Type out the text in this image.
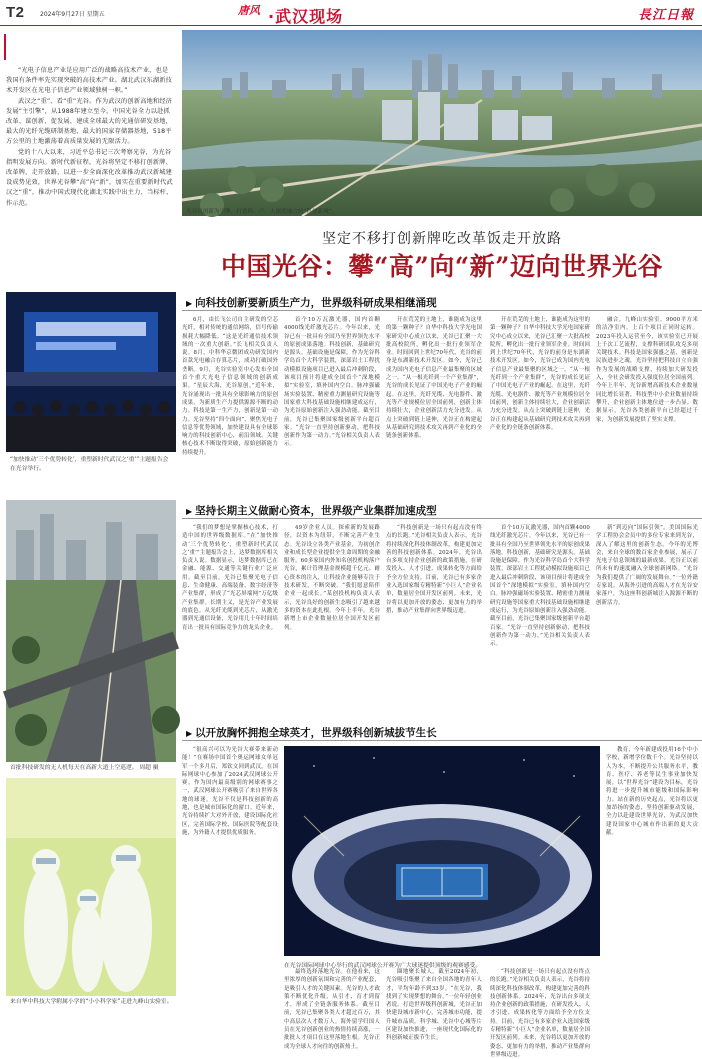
T2	2024年9月27日 星期五	唐风 ·武汉现场	長江日報

“光电子信息产业是应用广泛的战略高技术产业，也是我国有条件率先实现突破的高技术产业。湖北武汉东湖新技术开发区在光电子信息产业领域独树一帜。”

武汉之“重”、看“重”光谷。作为武汉的创新高地和经济发展“主引擎”，从1988年建立至今，中国光谷全力以赴抓改革、谋创新、促发展，建成全球最大的光通信研发基地，最大的光纤光缆研制基地，最大的国家存储器基地，518平方公里的土地激荡着高质量发展的无限活力。

党的十八大以来，习近平总书记三次考察光谷，为光谷指明发展方向。新时代新征程，光谷将坚定不移打创新牌、改革牌、走开放路，以进一步全面深化改革推动武汉新城建设成势见效，世界光谷攀“高”向“新”，加实在重要新时代武汉之“重”，推动中国式现代化湖北实践中出主力、当标杆、作示范。

光谷以创新为引擎，打造科、产、人深度融合的“科创新城”。
坚定不移打创新牌吃改革饭走开放路
中国光谷：攀“高”向“新”迈向世界光谷
▶ 向科技创新要新质生产力，世界级科研成果相继涌现
“加快推动‘三个优势转化’，重塑新时代武汉之‘重’”主题报告会在光谷举行。

6月，由长飞公司自主研发的空芯光纤，相对传统的通信网络，信号传输损耗大幅降低。“这是光纤通信技术领域的一次重大创新。”长飞相关负责人说。8月，中科华京微团成功研发国内首款光电融合存算芯片，成功打破国外垄断。9月，光谷实验室中心发布全国首个重大光电子信息领域的创新成果。“星辰大海，光谷原创。”近年来，光谷涌现出一批具有全球影响力的原创成果，为新质生产力提供源源不断的动力。科技是第一生产力，创新是第一动力。光谷坚持“四个面向”，聚焦光电子信息等优势领域，加快建设具有全球影响力的科技创新中心，前沿领域、关键核心技术不断取得突破，原始创新能力持续提升。

首个10万瓦激光器，国内首颗4000线光纤激光芯片。今年以来，光谷已有一批具有全国乃至世界领先水平的原创成果落地。科技创新，基础研究是源头。基础设施是保障。作为光谷科学岛首个大科学装置，深部岩土工程扰动模拟设施项目已进入最后冲刺阶段，该项目预计将建成全国首个“深地模拟”实验室，填补国内空白。脉冲强磁场实验装置、精密重力测量研究设施等国家重大科技基础设施相继建成运行，为光谷原始创新注入强劲动能。截至目前，光谷已集聚国家级创新平台超百家。“光谷一直坚持创新驱动，把科技创新作为第一动力。”光谷相关负责人表示。

开在荒芜的土地上，谁能成为这里的第一颗种子？自华中科技大学光电国家研究中心成立以来，光谷已汇聚一大批高校院所，孵化出一批行业领军企业。时间回到上世纪70年代，光谷的前身是东湖新技术开发区。如今，光谷已成为国内光电子信息产业最集聚的区域之一。“从一根光纤到一个产业集群”，光谷的成长见证了中国光电子产业的崛起。在这里，光纤光缆、光电器件、激光等产业规模位居全国前列，创新主体持续壮大，企业创新活力充分迸发。从点上突破到链上延伸，光谷正在构建起从基础研究到技术攻关再到产业化的全链条创新体系。

融合。九峰山实验室，9000平方米的洁净室内，上百个项目正同时运转。2023年投入运营至今，该实验室已开展上千次工艺流程，支撑科研团队攻克多项关键技术。科技是国家强盛之基，创新是民族进步之魂。光谷坚持把科技自立自强作为发展的战略支撑，持续加大研发投入，全社会研发投入强度位居全国前列。今年上半年，光谷新增高新技术企业数量同比增长显著，科技型中小企业数量持续攀升，企业创新主体地位进一步凸显。数据显示，光谷各类创新平台已经超过千家，为创新发展提供了坚实支撑。

开在荒芜的土地上，谁能成为这里的第一颗种子？自华中科技大学光电国家研究中心成立以来，光谷已汇聚一大批高校院所，孵化出一批行业领军企业。时间回到上世纪70年代，光谷的前身是东湖新技术开发区。如今，光谷已成为国内光电子信息产业最集聚的区域之一。“从一根光纤到一个产业集群”，光谷的成长见证了中国光电子产业的崛起。在这里，光纤光缆、光电器件、激光等产业规模位居全国前列，创新主体持续壮大，企业创新活力充分迸发。从点上突破到链上延伸，光谷正在构建起从基础研究到技术攻关再到产业化的全链条创新体系。

▶ 坚持长期主义做耐心资本，世界级产业集群加速成型
首批科技研发的无人机每天在高新大道上空巡逻。 周超 摄

“我们的梦想是掌握核心技术，打造中国的世界级数据库。”在“加快推动‘三个优势转化’，重塑新时代武汉之‘重’”主题报告会上，达梦数据库相关负责人说。数据显示，达梦数据库已在金融、能源、交通等关键行业广泛应用。截至目前，光谷已集聚光电子信息、生命健康、高端装备、数字经济等产业集群，形成了“光芯屏端网”万亿级产业集群。长期主义，是光谷产业发展的底色。从光纤光缆到光芯片，从激光器到光通信设备，光谷用几十年时间培育出一批具有国际竞争力的龙头企业。

49岁企业人员。探索新的发展路径，以资本为纽带，不断完善产业生态。光谷设立各类产业基金，为初创企业和成长型企业提供全生命周期的金融服务。60多家国内外知名创投机构落户光谷，累计管理基金规模超千亿元。耐心资本的注入，让科技企业能够专注于技术研发，不断突破。“我们愿意陪伴企业一起成长。”某创投机构负责人表示，光谷良好的创新生态吸引了越来越多的资本在此扎根。今年上半年，光谷新增上市企业数量位居全国开发区前列。

“科技创新是一场只有起点没有终点的长跑。”光谷相关负责人表示，光谷将持续深化科技体制改革，构建更加完善的科技创新体系。2024年，光谷出台多项支持企业创新的政策措施，在研发投入、人才引进、成果转化等方面给予全方位支持。目前，光谷已有多家企业入选国家级专精特新“小巨人”企业名单，数量居全国开发区前列。未来，光谷将以更加开放的姿态、更加有力的举措，推动产业集群向世界级迈进。

首个10万瓦激光器，国内首颗4000线光纤激光芯片。今年以来，光谷已有一批具有全国乃至世界领先水平的原创成果落地。科技创新，基础研究是源头。基础设施是保障。作为光谷科学岛首个大科学装置，深部岩土工程扰动模拟设施项目已进入最后冲刺阶段，该项目预计将建成全国首个“深地模拟”实验室，填补国内空白。脉冲强磁场实验装置、精密重力测量研究设施等国家重大科技基础设施相继建成运行，为光谷原始创新注入强劲动能。截至目前，光谷已集聚国家级创新平台超百家。“光谷一直坚持创新驱动，把科技创新作为第一动力。”光谷相关负责人表示。

新“到迈向“国际引领”。美国国际光学工程协会会员中的多位专家来到光谷，深入了解这里的创新生态。今年的光博会，来自全球的数百家企业参展，展示了光电子信息领域的最新成果。光谷正以前所未有的速度融入全球创新网络。“光谷为我们提供了广阔的发展舞台。”一位外籍专家说。从海外引进的高端人才在光谷安家落户，为这座科创新城注入源源不断的创新活力。

▶ 以开放胸怀拥抱全球英才，世界级科创新城拔节生长
来自华中科技大学附属小学的“小小科学家”走进九峰山实验室。

“很高兴可以为光谷大赛带来新动能！”在赛场中国首个奥运网球女单冠军一个多月后，郑钦文回到武汉，在国际网球中心参加了2024武汉网球公开赛。作为国内最高级别的网球赛事之一，武汉网球公开赛吸引了来自世界各地的球迷。光谷不仅是科技创新的高地，也是城市国际化的窗口。近年来，光谷持续扩大对外开放，建设国际化社区，完善国际学校、国际医院等配套设施，为外籍人才提供优质服务。

在光谷国际网球中心举行的武汉网球公开赛为广大球迷提供顶级的观赛感受。

最终选择落地光谷。在他看来，这里浓厚的创新氛围和完善的产业配套，是吸引人才的关键因素。光谷的人才政策不断优化升级，从引才、育才到留才，形成了全链条服务体系。截至目前，光谷已集聚各类人才超过百万，其中高层次人才数万人。海外留学归国人员在光谷创新创业的热情持续高涨，一批批人才项目在这里落地生根。光谷正成为全球人才向往的创新热土。

圈地聚长城人。截至2024年初，光谷吸引集聚了来自全国各地的青年人才，平均年龄不到33岁。“在光谷，我找到了实现梦想的舞台。”一位年轻创业者说。打造世界级科创新城，光谷正加快建设城市新中心，完善城市功能，提升城市品质。科学城、光谷中心城等片区建设加快推进，一座现代化国际化的科创新城正拔节生长。

“科技创新是一场只有起点没有终点的长跑。”光谷相关负责人表示，光谷将持续深化科技体制改革，构建更加完善的科技创新体系。2024年，光谷出台多项支持企业创新的政策措施，在研发投入、人才引进、成果转化等方面给予全方位支持。目前，光谷已有多家企业入选国家级专精特新“小巨人”企业名单，数量居全国开发区前列。未来，光谷将以更加开放的姿态、更加有力的举措，推动产业集群向世界级迈进。

教育，今年新建成投用16个中小学校，新增学位数千个。光谷坚持以人为本，不断提升公共服务水平，教育、医疗、养老等民生事业加快发展。以“世界光谷”建设为目标，光谷将进一步提升城市能级和国际影响力。站在新的历史起点，光谷将以更加昂扬的姿态，坚持创新驱动发展，全力以赴建设世界光谷，为武汉加快建设国家中心城市作出新的更大贡献。
